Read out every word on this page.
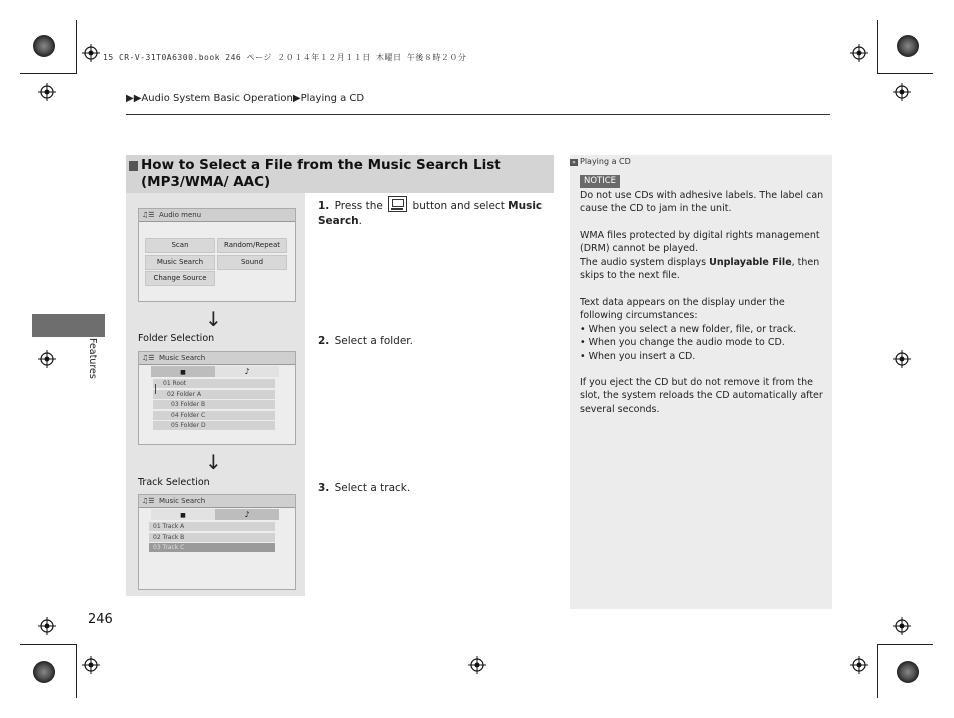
15 CR-V-31T0A6300.book 246 ページ ２０１４年１２月１１日 木曜日 午後８時２０分
▶▶Audio System Basic Operation▶Playing a CD
Features
How to Select a File from the Music Search List (MP3/WMA/ AAC)
♫☰ Audio menu
Scan	Random/Repeat
Music Search	Sound
Change Source
↓
Folder Selection
♫☰ Music Search
■	♪
01 Root
02 Folder A
03 Folder B
04 Folder C
05 Folder D
↓
Track Selection
♫☰ Music Search
■	♪
01 Track A
02 Track B
03 Track C
1. Press the	button and select Music Search.
2. Select a folder.
3. Select a track.
» Playing a CD
NOTICE

Do not use CDs with adhesive labels. The label can cause the CD to jam in the unit.

WMA files protected by digital rights management (DRM) cannot be played.

The audio system displays Unplayable File, then skips to the next file.

Text data appears on the display under the following circumstances:

• When you select a new folder, file, or track.

• When you change the audio mode to CD.

• When you insert a CD.

If you eject the CD but do not remove it from the slot, the system reloads the CD automatically after several seconds.

246
